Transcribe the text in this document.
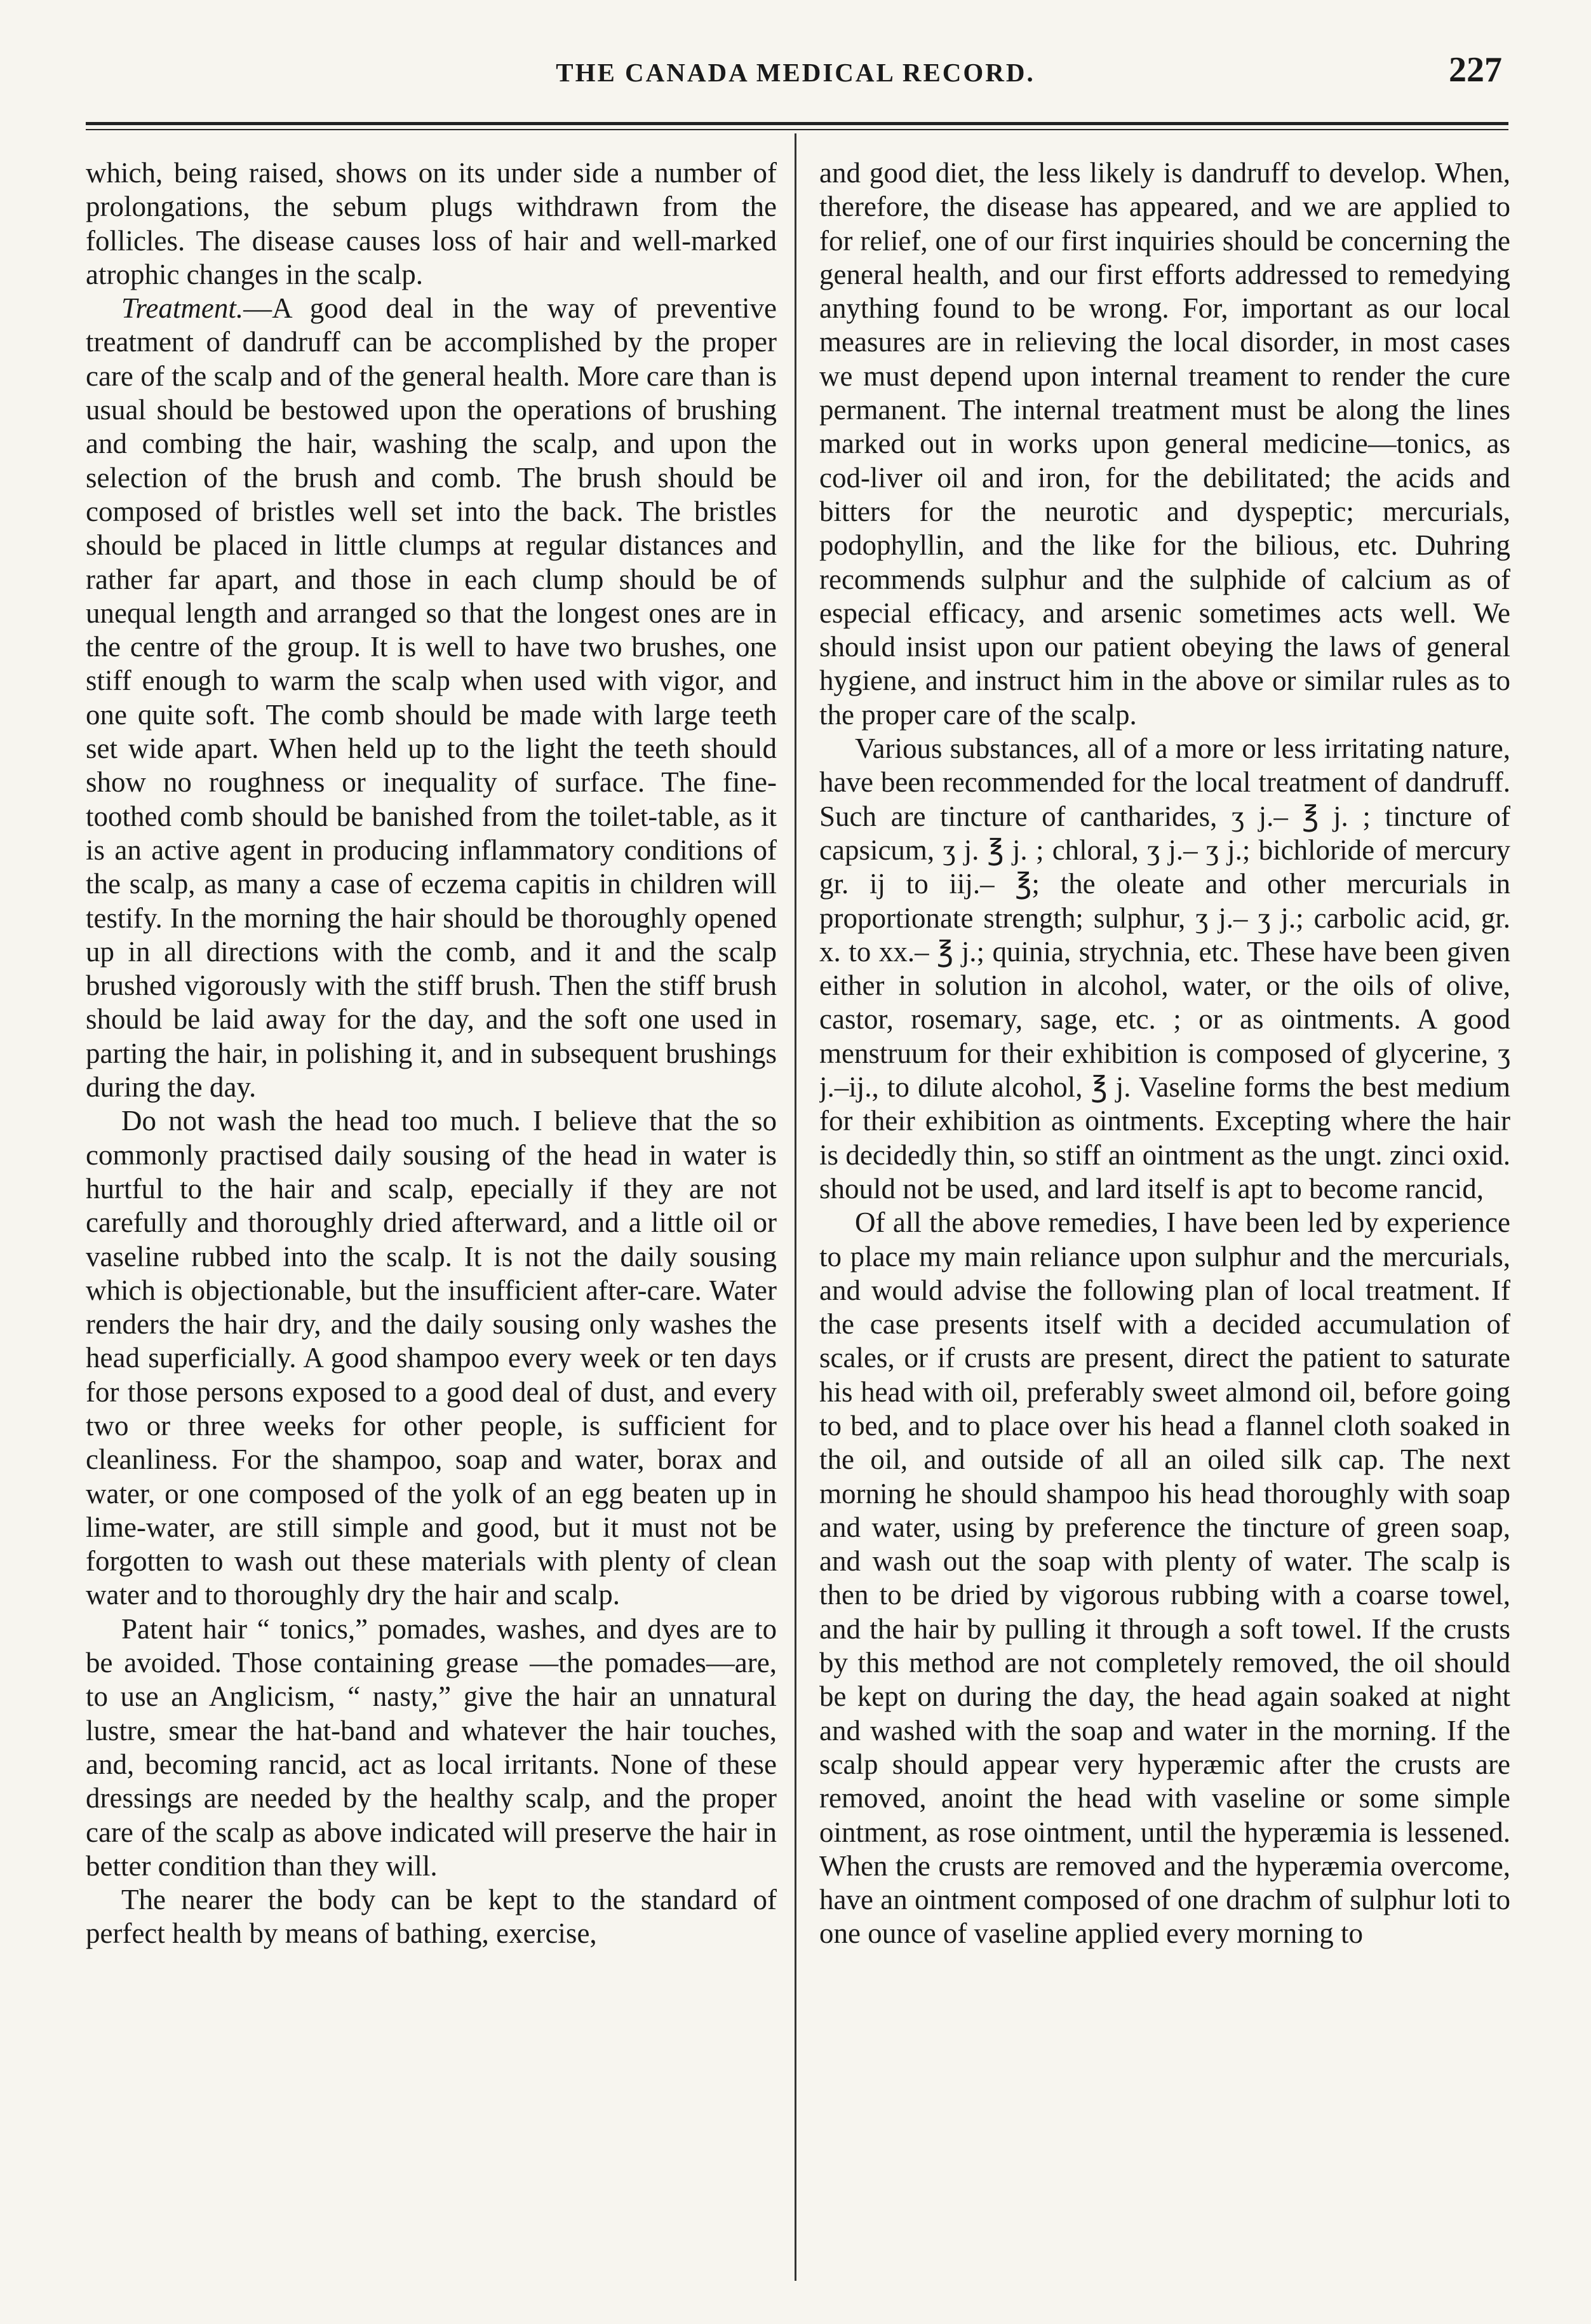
THE CANADA MEDICAL RECORD.	227

which, being raised, shows on its under side a number of prolongations, the sebum plugs withdrawn from the follicles. The disease causes loss of hair and well-marked atrophic changes in the scalp.

Treatment.—A good deal in the way of preventive treatment of dandruff can be accomplished by the proper care of the scalp and of the general health. More care than is usual should be bestowed upon the operations of brushing and combing the hair, washing the scalp, and upon the selection of the brush and comb. The brush should be composed of bristles well set into the back. The bristles should be placed in little clumps at regular distances and rather far apart, and those in each clump should be of unequal length and arranged so that the longest ones are in the centre of the group. It is well to have two brushes, one stiff enough to warm the scalp when used with vigor, and one quite soft. The comb should be made with large teeth set wide apart. When held up to the light the teeth should show no roughness or inequality of surface. The fine-toothed comb should be banished from the toilet-table, as it is an active agent in producing inflammatory conditions of the scalp, as many a case of eczema capitis in children will testify. In the morning the hair should be thoroughly opened up in all directions with the comb, and it and the scalp brushed vigorously with the stiff brush. Then the stiff brush should be laid away for the day, and the soft one used in parting the hair, in polishing it, and in subsequent brushings during the day.

Do not wash the head too much. I believe that the so commonly practised daily sousing of the head in water is hurtful to the hair and scalp, epecially if they are not carefully and thoroughly dried afterward, and a little oil or vaseline rubbed into the scalp. It is not the daily sousing which is objectionable, but the insufficient after-care. Water renders the hair dry, and the daily sousing only washes the head superficially. A good shampoo every week or ten days for those persons exposed to a good deal of dust, and every two or three weeks for other people, is sufficient for cleanliness. For the shampoo, soap and water, borax and water, or one composed of the yolk of an egg beaten up in lime-water, are still simple and good, but it must not be forgotten to wash out these materials with plenty of clean water and to thoroughly dry the hair and scalp.

Patent hair “ tonics,” pomades, washes, and dyes are to be avoided. Those containing grease —the pomades—are, to use an Anglicism, “ nasty,” give the hair an unnatural lustre, smear the hat-band and whatever the hair touches, and, becoming rancid, act as local irritants. None of these dressings are needed by the healthy scalp, and the proper care of the scalp as above indicated will preserve the hair in better condition than they will.

The nearer the body can be kept to the standard of perfect health by means of bathing, exercise,

and good diet, the less likely is dandruff to develop. When, therefore, the disease has appeared, and we are applied to for relief, one of our first inquiries should be concerning the general health, and our first efforts addressed to remedying anything found to be wrong. For, important as our local measures are in relieving the local disorder, in most cases we must depend upon internal treament to render the cure permanent. The internal treatment must be along the lines marked out in works upon general medicine—tonics, as cod-liver oil and iron, for the debilitated; the acids and bitters for the neurotic and dyspeptic; mercurials, podophyllin, and the like for the bilious, etc. Duhring recommends sulphur and the sulphide of calcium as of especial efficacy, and arsenic sometimes acts well. We should insist upon our patient obeying the laws of general hygiene, and instruct him in the above or similar rules as to the proper care of the scalp.

Various substances, all of a more or less irritating nature, have been recommended for the local treatment of dandruff. Such are tincture of cantharides, ʒ j.– ℥ j. ; tincture of capsicum, ʒ j. ℥ j. ; chloral, ʒ j.– ʒ j.; bichloride of mercury gr. ij to iij.– ℥; the oleate and other mercurials in proportionate strength; sulphur, ʒ j.– ʒ j.; carbolic acid, gr. x. to xx.– ℥ j.; quinia, strychnia, etc. These have been given either in solution in alcohol, water, or the oils of olive, castor, rosemary, sage, etc. ; or as ointments. A good menstruum for their exhibition is composed of glycerine, ʒ j.–ij., to dilute alcohol, ℥ j. Vaseline forms the best medium for their exhibition as ointments. Excepting where the hair is decidedly thin, so stiff an ointment as the ungt. zinci oxid. should not be used, and lard itself is apt to become rancid,

Of all the above remedies, I have been led by experience to place my main reliance upon sulphur and the mercurials, and would advise the following plan of local treatment. If the case presents itself with a decided accumulation of scales, or if crusts are present, direct the patient to saturate his head with oil, preferably sweet almond oil, before going to bed, and to place over his head a flannel cloth soaked in the oil, and outside of all an oiled silk cap. The next morning he should shampoo his head thoroughly with soap and water, using by preference the tincture of green soap, and wash out the soap with plenty of water. The scalp is then to be dried by vigorous rubbing with a coarse towel, and the hair by pulling it through a soft towel. If the crusts by this method are not completely removed, the oil should be kept on during the day, the head again soaked at night and washed with the soap and water in the morning. If the scalp should appear very hyperæmic after the crusts are removed, anoint the head with vaseline or some simple ointment, as rose ointment, until the hyperæmia is lessened. When the crusts are removed and the hyperæmia overcome, have an ointment composed of one drachm of sulphur loti to one ounce of vaseline applied every morning to
